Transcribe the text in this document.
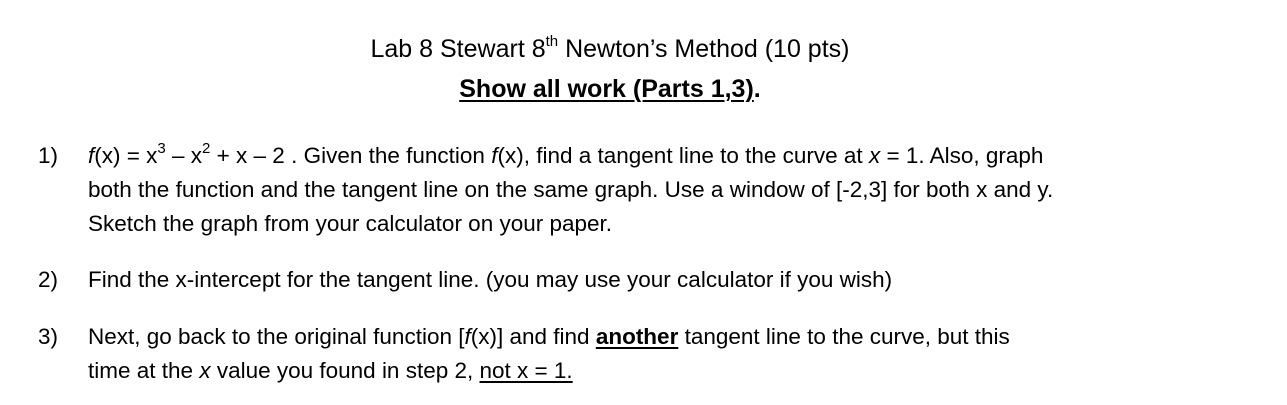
Lab 8 Stewart 8th Newton’s Method (10 pts)
Show all work (Parts 1,3).
1)	$f(x) = x^3 - x^2 + x - 2$ . Given the function f(x), find a tangent line to the curve at x = 1. Also, graph
both the function and the tangent line on the same graph. Use a window of [-2,3] for both x and y.
Sketch the graph from your calculator on your paper.
2)	Find the x-intercept for the tangent line. (you may use your calculator if you wish)
3)	Next, go back to the original function [f(x)] and find another tangent line to the curve, but this
time at the x value you found in step 2, not x = 1.
